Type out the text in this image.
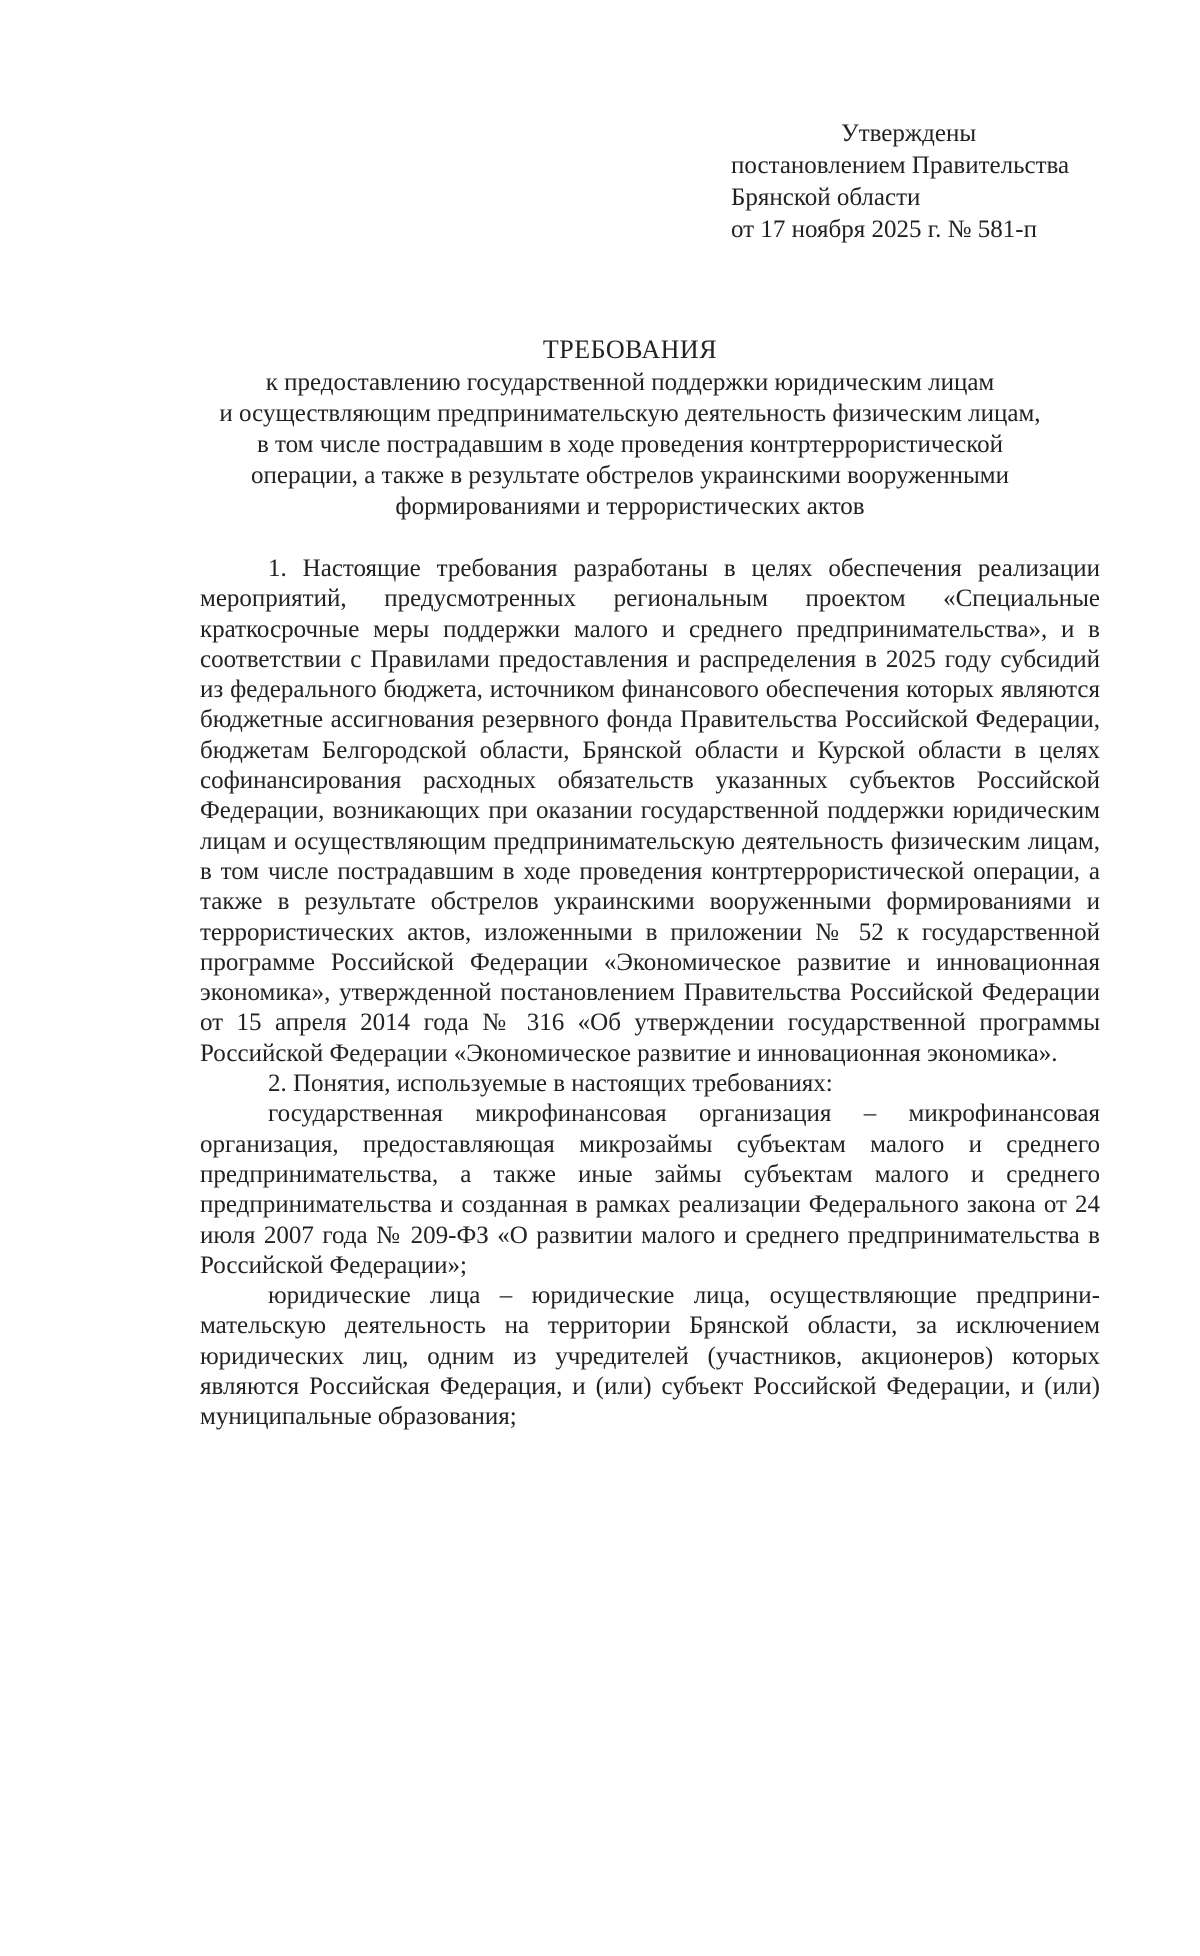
Утверждены
постановлением Правительства
Брянской области
от 17 ноября 2025 г. № 581-п
ТРЕБОВАНИЯ
к предоставлению государственной поддержки юридическим лицам
и осуществляющим предпринимательскую деятельность физическим лицам,
в том числе пострадавшим в ходе проведения контртеррористической
операции, а также в результате обстрелов украинскими вооруженными
формированиями и террористических актов

1. Настоящие требования разработаны в целях обеспечения реализации мероприятий, предусмотренных региональным проектом «Специальные краткосрочные меры поддержки малого и среднего предпринимательства», и в соответствии с Правилами предоставления и распределения в 2025 году субсидий из федерального бюджета, источником финансового обеспечения которых являются бюджетные ассигнования резервного фонда Правительства Российской Федерации, бюджетам Белгородской области, Брянской области и Курской области в целях софинансирования расходных обязательств указанных субъектов Российской Федерации, возникающих при оказании государственной поддержки юридическим лицам и осуществляющим предпринимательскую деятельность физическим лицам, в том числе пострадавшим в ходе проведения контртеррористической операции, а также в результате обстрелов украинскими вооруженными формированиями и террористических актов, изложенными в приложении № 52 к государственной программе Российской Федерации «Экономическое развитие и инновационная экономика», утвержденной постановлением Правительства Российской Федерации от 15 апреля 2014 года № 316 «Об утверждении государственной программы Российской Федерации «Экономическое развитие и инновационная экономика».

2. Понятия, используемые в настоящих требованиях:

государственная микрофинансовая организация – микрофинансовая организация, предоставляющая микрозаймы субъектам малого и среднего предпринимательства, а также иные займы субъектам малого и среднего предпринимательства и созданная в рамках реализации Федерального закона от 24 июля 2007 года № 209-ФЗ «О развитии малого и среднего предпринимательства в Российской Федерации»;

юридические лица – юридические лица, осуществляющие предпринимательскую деятельность на территории Брянской области, за исключением юридических лиц, одним из учредителей (участников, акционеров) которых являются Российская Федерация, и (или) субъект Российской Федерации, и (или) муниципальные образования;
